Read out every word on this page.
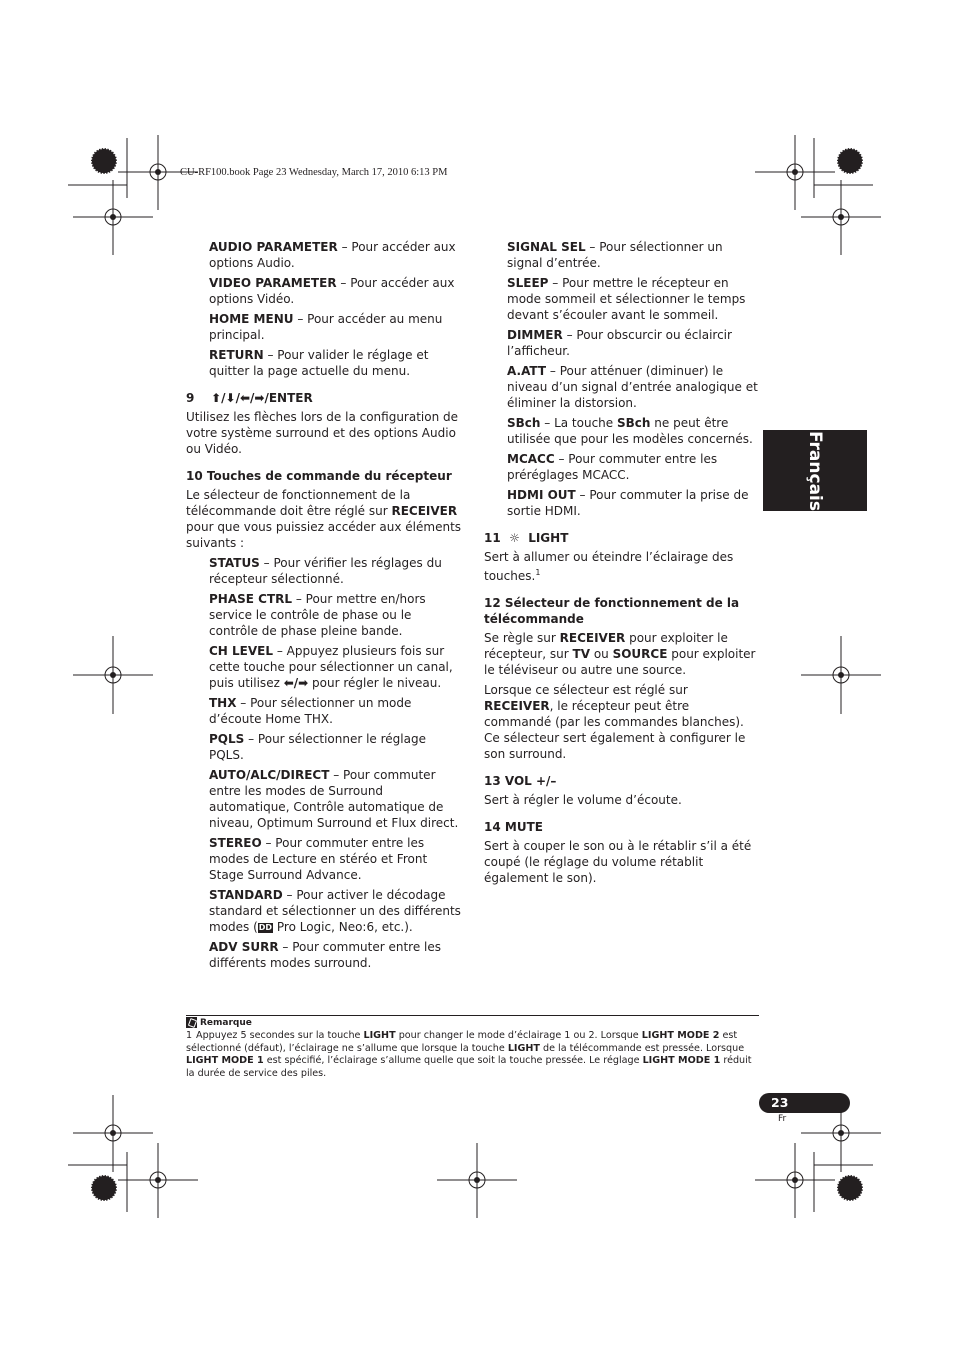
CU-RF100.book Page 23 Wednesday, March 17, 2010 6:13 PM

AUDIO PARAMETER – Pour accéder aux options Audio.

VIDEO PARAMETER – Pour accéder aux options Vidéo.

HOME MENU – Pour accéder au menu principal.

RETURN – Pour valider le réglage et quitter la page actuelle du menu.

9 ⬆/⬇/⬅/➡/ENTER

Utilisez les flèches lors de la configuration de votre système surround et des options Audio ou Vidéo.

10 Touches de commande du récepteur

Le sélecteur de fonctionnement de la télécommande doit être réglé sur RECEIVER pour que vous puissiez accéder aux éléments suivants :

STATUS – Pour vérifier les réglages du récepteur sélectionné.

PHASE CTRL – Pour mettre en/hors service le contrôle de phase ou le contrôle de phase pleine bande.

CH LEVEL – Appuyez plusieurs fois sur cette touche pour sélectionner un canal, puis utilisez ⬅/➡ pour régler le niveau.

THX – Pour sélectionner un mode d’écoute Home THX.

PQLS – Pour sélectionner le réglage PQLS.

AUTO/ALC/DIRECT – Pour commuter entre les modes de Surround automatique, Contrôle automatique de niveau, Optimum Surround et Flux direct.

STEREO – Pour commuter entre les modes de Lecture en stéréo et Front Stage Surround Advance.

STANDARD – Pour activer le décodage standard et sélectionner un des différents modes (DD Pro Logic, Neo:6, etc.).

ADV SURR – Pour commuter entre les différents modes surround.

SIGNAL SEL – Pour sélectionner un signal d’entrée.

SLEEP – Pour mettre le récepteur en mode sommeil et sélectionner le temps devant s’écouler avant le sommeil.

DIMMER – Pour obscurcir ou éclaircir l’afficheur.

A.ATT – Pour atténuer (diminuer) le niveau d’un signal d’entrée analogique et éliminer la distorsion.

SBch – La touche SBch ne peut être utilisée que pour les modèles concernés.

MCACC – Pour commuter entre les préréglages MCACC.

HDMI OUT – Pour commuter la prise de sortie HDMI.

11 ☼ LIGHT

Sert à allumer ou éteindre l’éclairage des touches.$^1$

12 Sélecteur de fonctionnement de la télécommande

Se règle sur RECEIVER pour exploiter le récepteur, sur TV ou SOURCE pour exploiter le téléviseur ou autre une source.

Lorsque ce sélecteur est réglé sur RECEIVER, le récepteur peut être commandé (par les commandes blanches). Ce sélecteur sert également à configurer le son surround.

13 VOL +/–

Sert à régler le volume d’écoute.

14 MUTE

Sert à couper le son ou à le rétablir s’il a été coupé (le réglage du volume rétablit également le son).

Français
Remarque
1 Appuyez 5 secondes sur la touche LIGHT pour changer le mode d’éclairage 1 ou 2. Lorsque LIGHT MODE 2 est sélectionné (défaut), l’éclairage ne s’allume que lorsque la touche LIGHT de la télécommande est pressée. Lorsque LIGHT MODE 1 est spécifié, l’éclairage s’allume quelle que soit la touche pressée. Le réglage LIGHT MODE 1 réduit la durée de service des piles.
23
Fr
